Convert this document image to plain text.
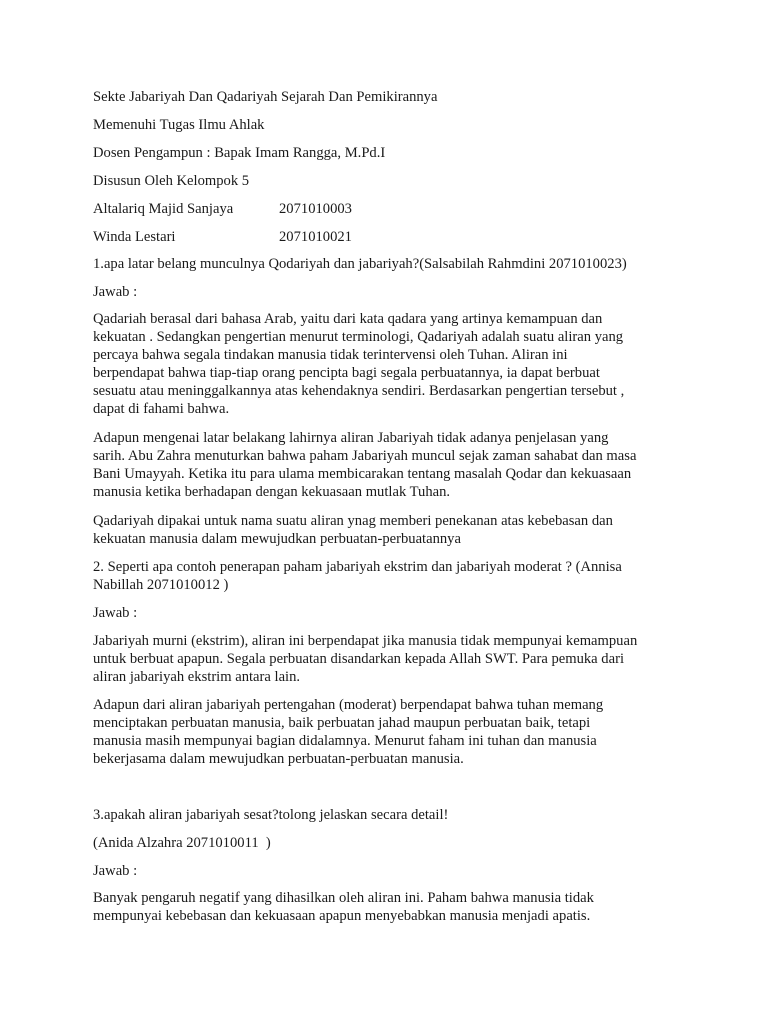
Sekte Jabariyah Dan Qadariyah Sejarah Dan Pemikirannya
Memenuhi Tugas Ilmu Ahlak
Dosen Pengampun : Bapak Imam Rangga, M.Pd.I
Disusun Oleh Kelompok 5
Altalariq Majid Sanjaya	2071010003
Winda Lestari	2071010021
1.apa latar belang munculnya Qodariyah dan jabariyah?(Salsabilah Rahmdini 2071010023)
Jawab :
Qadariah berasal dari bahasa Arab, yaitu dari kata qadara yang artinya kemampuan dan
kekuatan . Sedangkan pengertian menurut terminologi, Qadariyah adalah suatu aliran yang
percaya bahwa segala tindakan manusia tidak terintervensi oleh Tuhan. Aliran ini
berpendapat bahwa tiap-tiap orang pencipta bagi segala perbuatannya, ia dapat berbuat
sesuatu atau meninggalkannya atas kehendaknya sendiri. Berdasarkan pengertian tersebut ,
dapat di fahami bahwa.
Adapun mengenai latar belakang lahirnya aliran Jabariyah tidak adanya penjelasan yang
sarih. Abu Zahra menuturkan bahwa paham Jabariyah muncul sejak zaman sahabat dan masa
Bani Umayyah. Ketika itu para ulama membicarakan tentang masalah Qodar dan kekuasaan
manusia ketika berhadapan dengan kekuasaan mutlak Tuhan.
Qadariyah dipakai untuk nama suatu aliran ynag memberi penekanan atas kebebasan dan
kekuatan manusia dalam mewujudkan perbuatan-perbuatannya
2. Seperti apa contoh penerapan paham jabariyah ekstrim dan jabariyah moderat ? (Annisa
Nabillah 2071010012 )
Jawab :
Jabariyah murni (ekstrim), aliran ini berpendapat jika manusia tidak mempunyai kemampuan
untuk berbuat apapun. Segala perbuatan disandarkan kepada Allah SWT. Para pemuka dari
aliran jabariyah ekstrim antara lain.
Adapun dari aliran jabariyah pertengahan (moderat) berpendapat bahwa tuhan memang
menciptakan perbuatan manusia, baik perbuatan jahad maupun perbuatan baik, tetapi
manusia masih mempunyai bagian didalamnya. Menurut faham ini tuhan dan manusia
bekerjasama dalam mewujudkan perbuatan-perbuatan manusia.
3.apakah aliran jabariyah sesat?tolong jelaskan secara detail!
(Anida Alzahra 2071010011  )
Jawab :
Banyak pengaruh negatif yang dihasilkan oleh aliran ini. Paham bahwa manusia tidak
mempunyai kebebasan dan kekuasaan apapun menyebabkan manusia menjadi apatis.
